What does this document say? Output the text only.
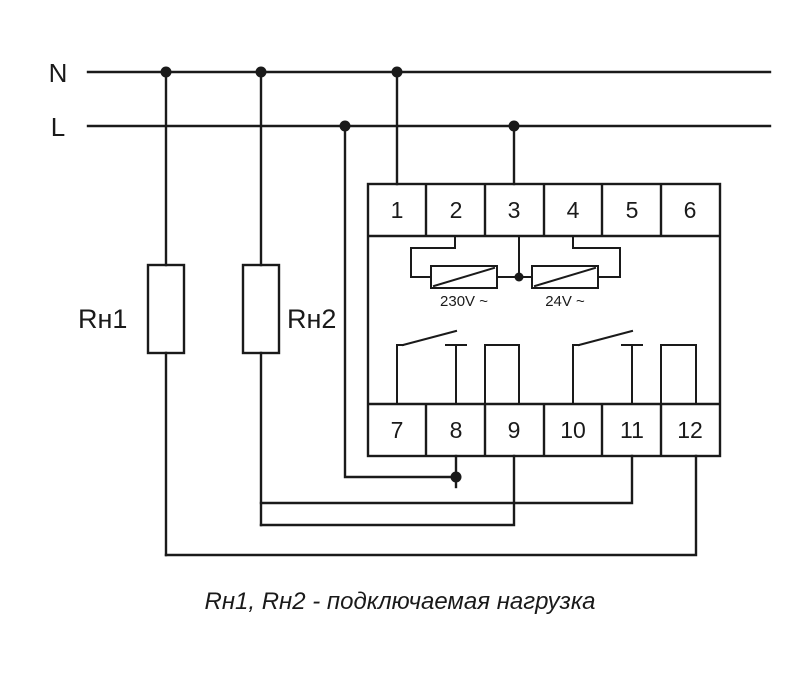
N
L
Rн1	Rн2
230V ~	24V ~
1 2 3 4 5 6
7 8 9 10 11 12
Rн1, Rн2 - подключаемая нагрузка
